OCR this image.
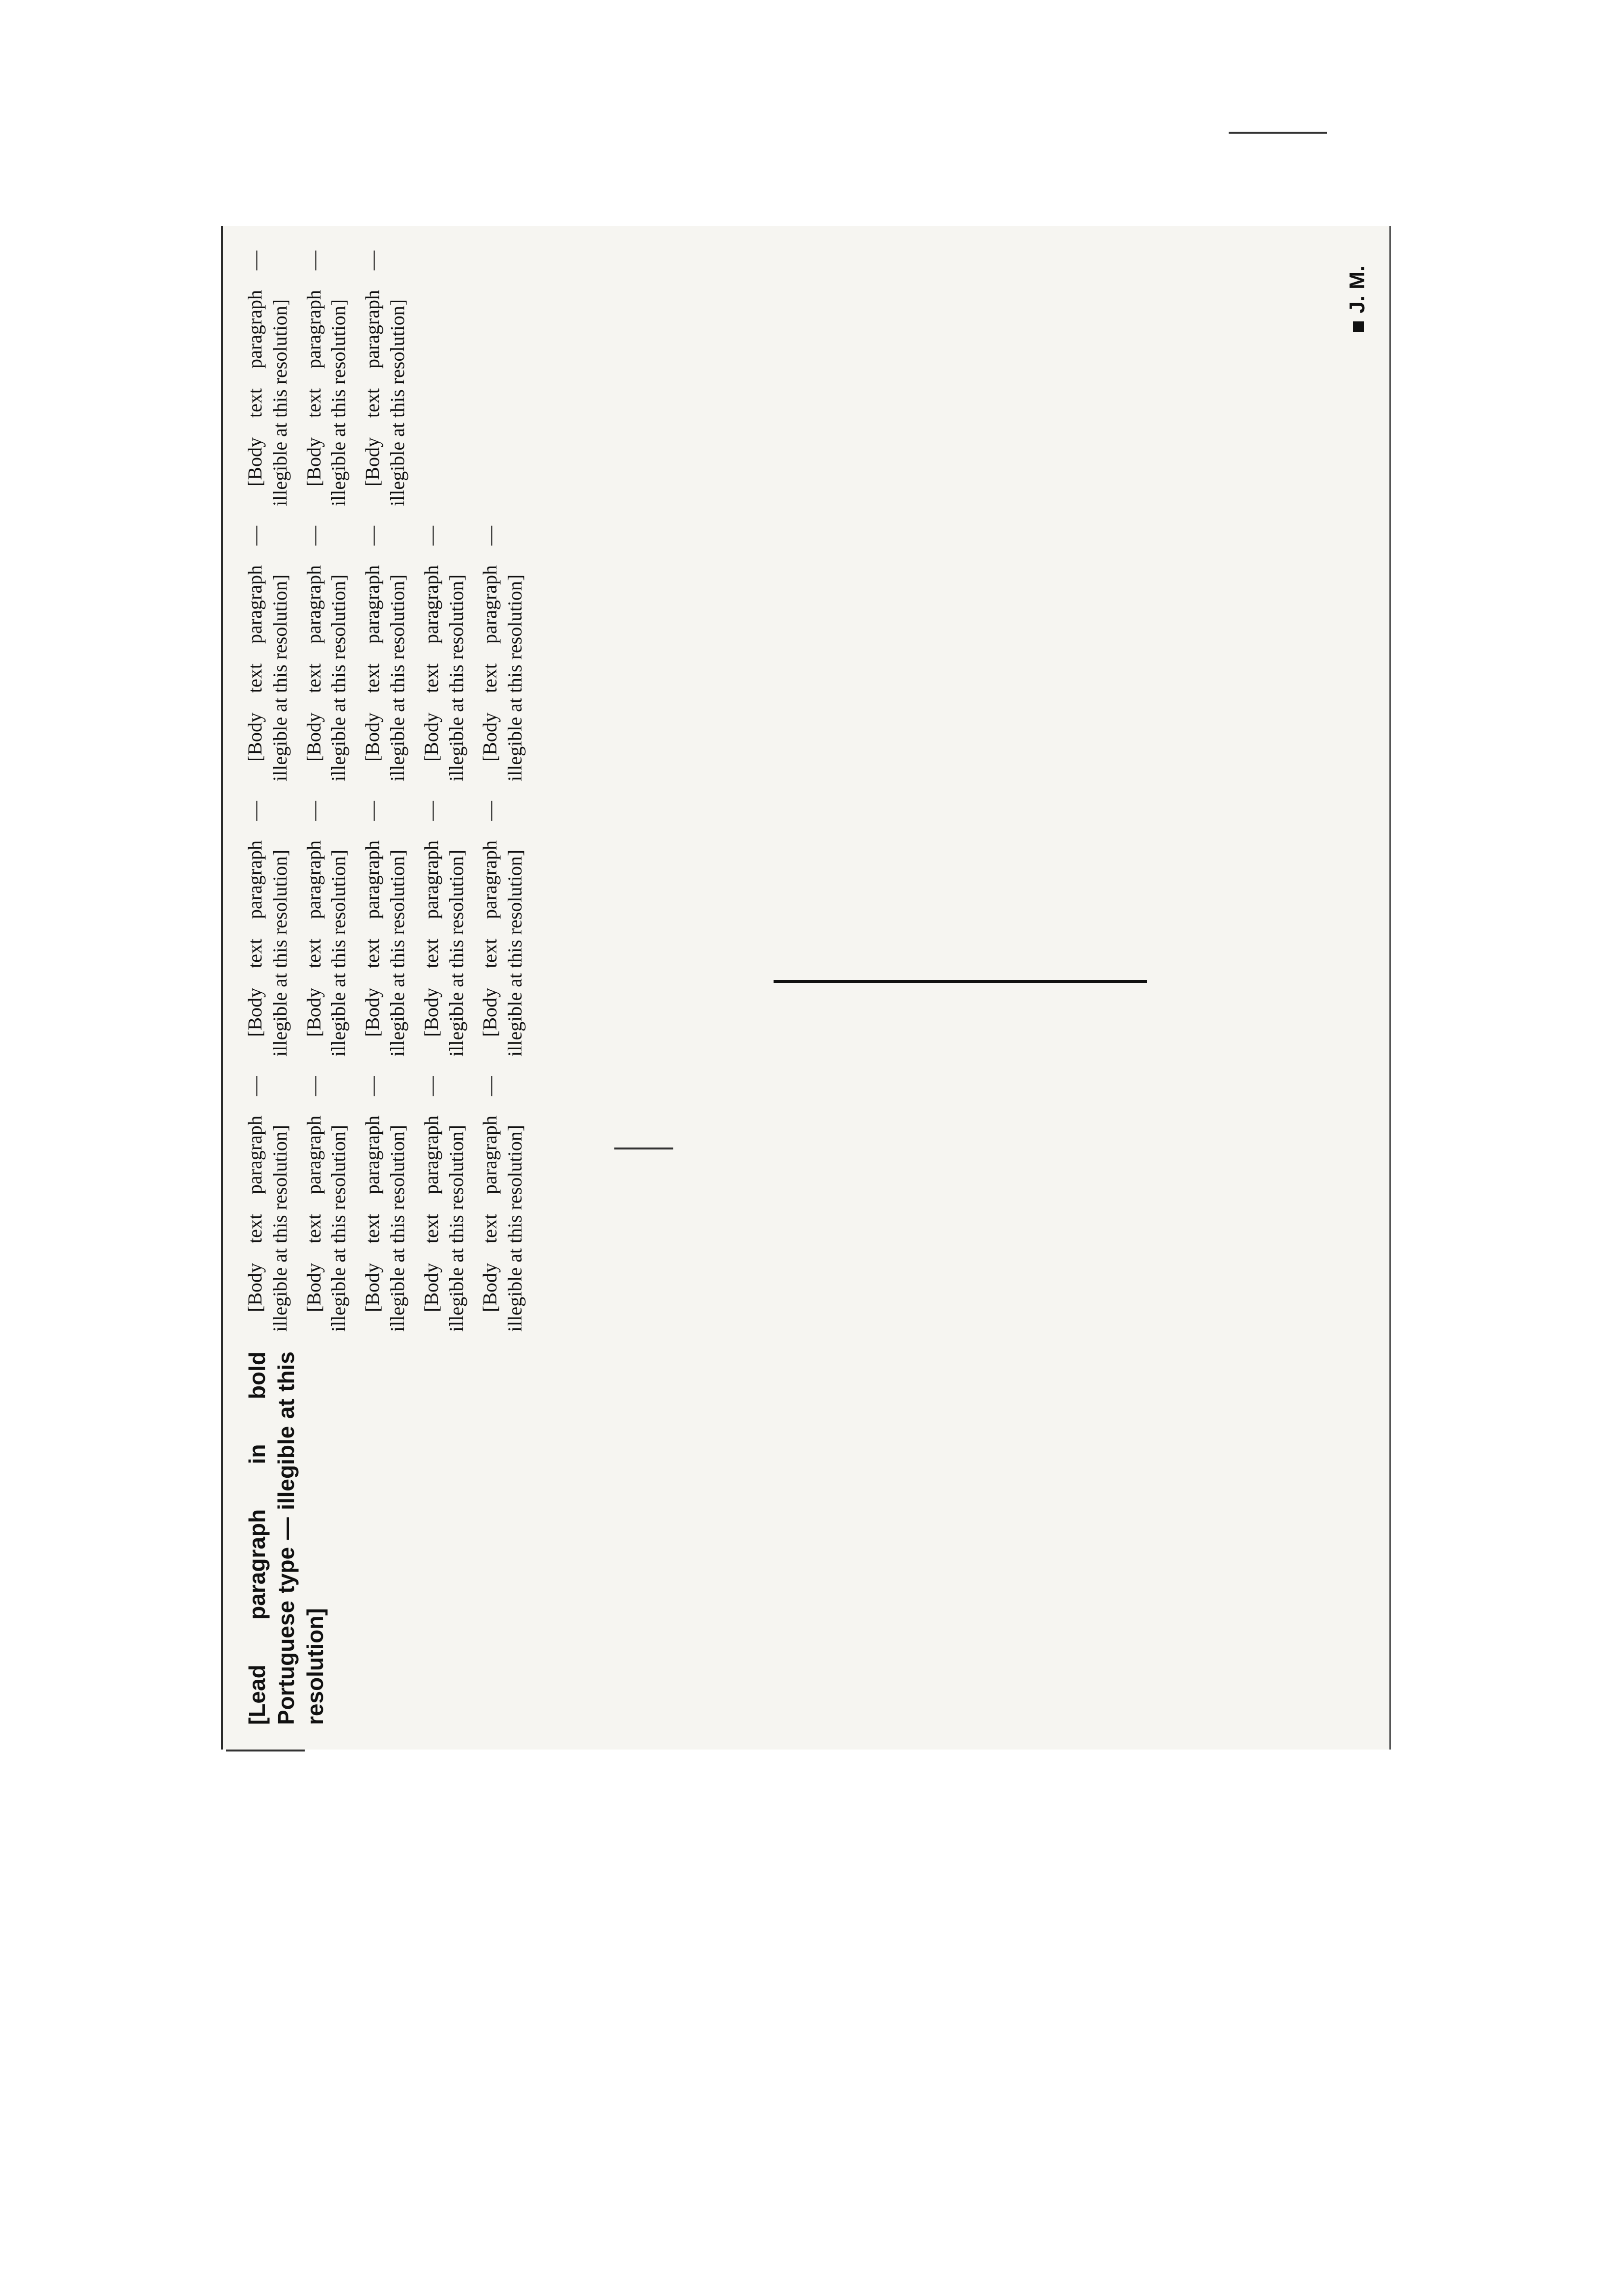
[Lead paragraph in bold Portuguese type — illegible at this resolution]

[Body text paragraph — illegible at this resolution] [Body text paragraph — illegible at this resolution] [Body text paragraph — illegible at this resolution] [Body text paragraph — illegible at this resolution] [Body text paragraph — illegible at this resolution]

[Body text paragraph — illegible at this resolution] [Body text paragraph — illegible at this resolution] [Body text paragraph — illegible at this resolution] [Body text paragraph — illegible at this resolution] [Body text paragraph — illegible at this resolution]

[Body text paragraph — illegible at this resolution] [Body text paragraph — illegible at this resolution] [Body text paragraph — illegible at this resolution] [Body text paragraph — illegible at this resolution] [Body text paragraph — illegible at this resolution]

[Body text paragraph — illegible at this resolution] [Body text paragraph — illegible at this resolution] [Body text paragraph — illegible at this resolution]

J. M.
